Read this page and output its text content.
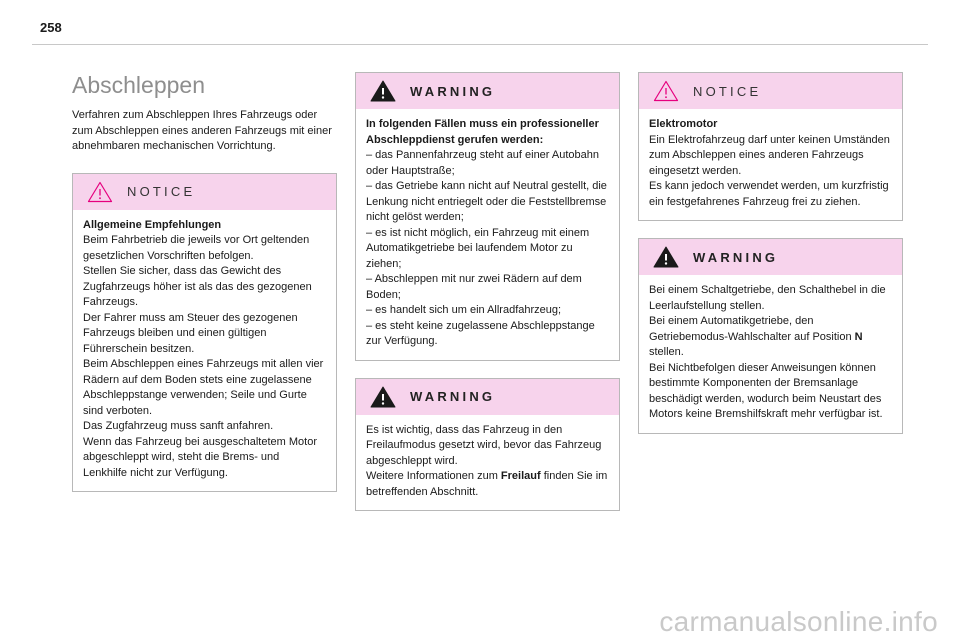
258
Abschleppen

Verfahren zum Abschleppen Ihres Fahrzeugs oder zum Abschleppen eines anderen Fahrzeugs mit einer abnehmbaren mechanischen Vorrichtung.

NOTICE

Allgemeine Empfehlungen

Beim Fahrbetrieb die jeweils vor Ort geltenden gesetzlichen Vorschriften befolgen.

Stellen Sie sicher, dass das Gewicht des Zugfahrzeugs höher ist als das des gezogenen Fahrzeugs.

Der Fahrer muss am Steuer des gezogenen Fahrzeugs bleiben und einen gültigen Führerschein besitzen.

Beim Abschleppen eines Fahrzeugs mit allen vier Rädern auf dem Boden stets eine zugelassene Abschleppstange verwenden; Seile und Gurte sind verboten.

Das Zugfahrzeug muss sanft anfahren.

Wenn das Fahrzeug bei ausgeschaltetem Motor abgeschleppt wird, steht die Brems- und Lenkhilfe nicht zur Verfügung.

WARNING

In folgenden Fällen muss ein professioneller Abschleppdienst gerufen werden:

– das Pannenfahrzeug steht auf einer Autobahn oder Hauptstraße;

– das Getriebe kann nicht auf Neutral gestellt, die Lenkung nicht entriegelt oder die Feststellbremse nicht gelöst werden;

– es ist nicht möglich, ein Fahrzeug mit einem Automatikgetriebe bei laufendem Motor zu ziehen;

– Abschleppen mit nur zwei Rädern auf dem Boden;

– es handelt sich um ein Allradfahrzeug;

– es steht keine zugelassene Abschleppstange zur Verfügung.

WARNING

Es ist wichtig, dass das Fahrzeug in den Freilaufmodus gesetzt wird, bevor das Fahrzeug abgeschleppt wird.

Weitere Informationen zum Freilauf finden Sie im betreffenden Abschnitt.

NOTICE

Elektromotor

Ein Elektrofahrzeug darf unter keinen Umständen zum Abschleppen eines anderen Fahrzeugs eingesetzt werden.

Es kann jedoch verwendet werden, um kurzfristig ein festgefahrenes Fahrzeug frei zu ziehen.

WARNING

Bei einem Schaltgetriebe, den Schalthebel in die Leerlaufstellung stellen.

Bei einem Automatikgetriebe, den Getriebemodus-Wahlschalter auf Position N stellen.

Bei Nichtbefolgen dieser Anweisungen können bestimmte Komponenten der Bremsanlage beschädigt werden, wodurch beim Neustart des Motors keine Bremshilfskraft mehr verfügbar ist.

carmanualsonline.info
